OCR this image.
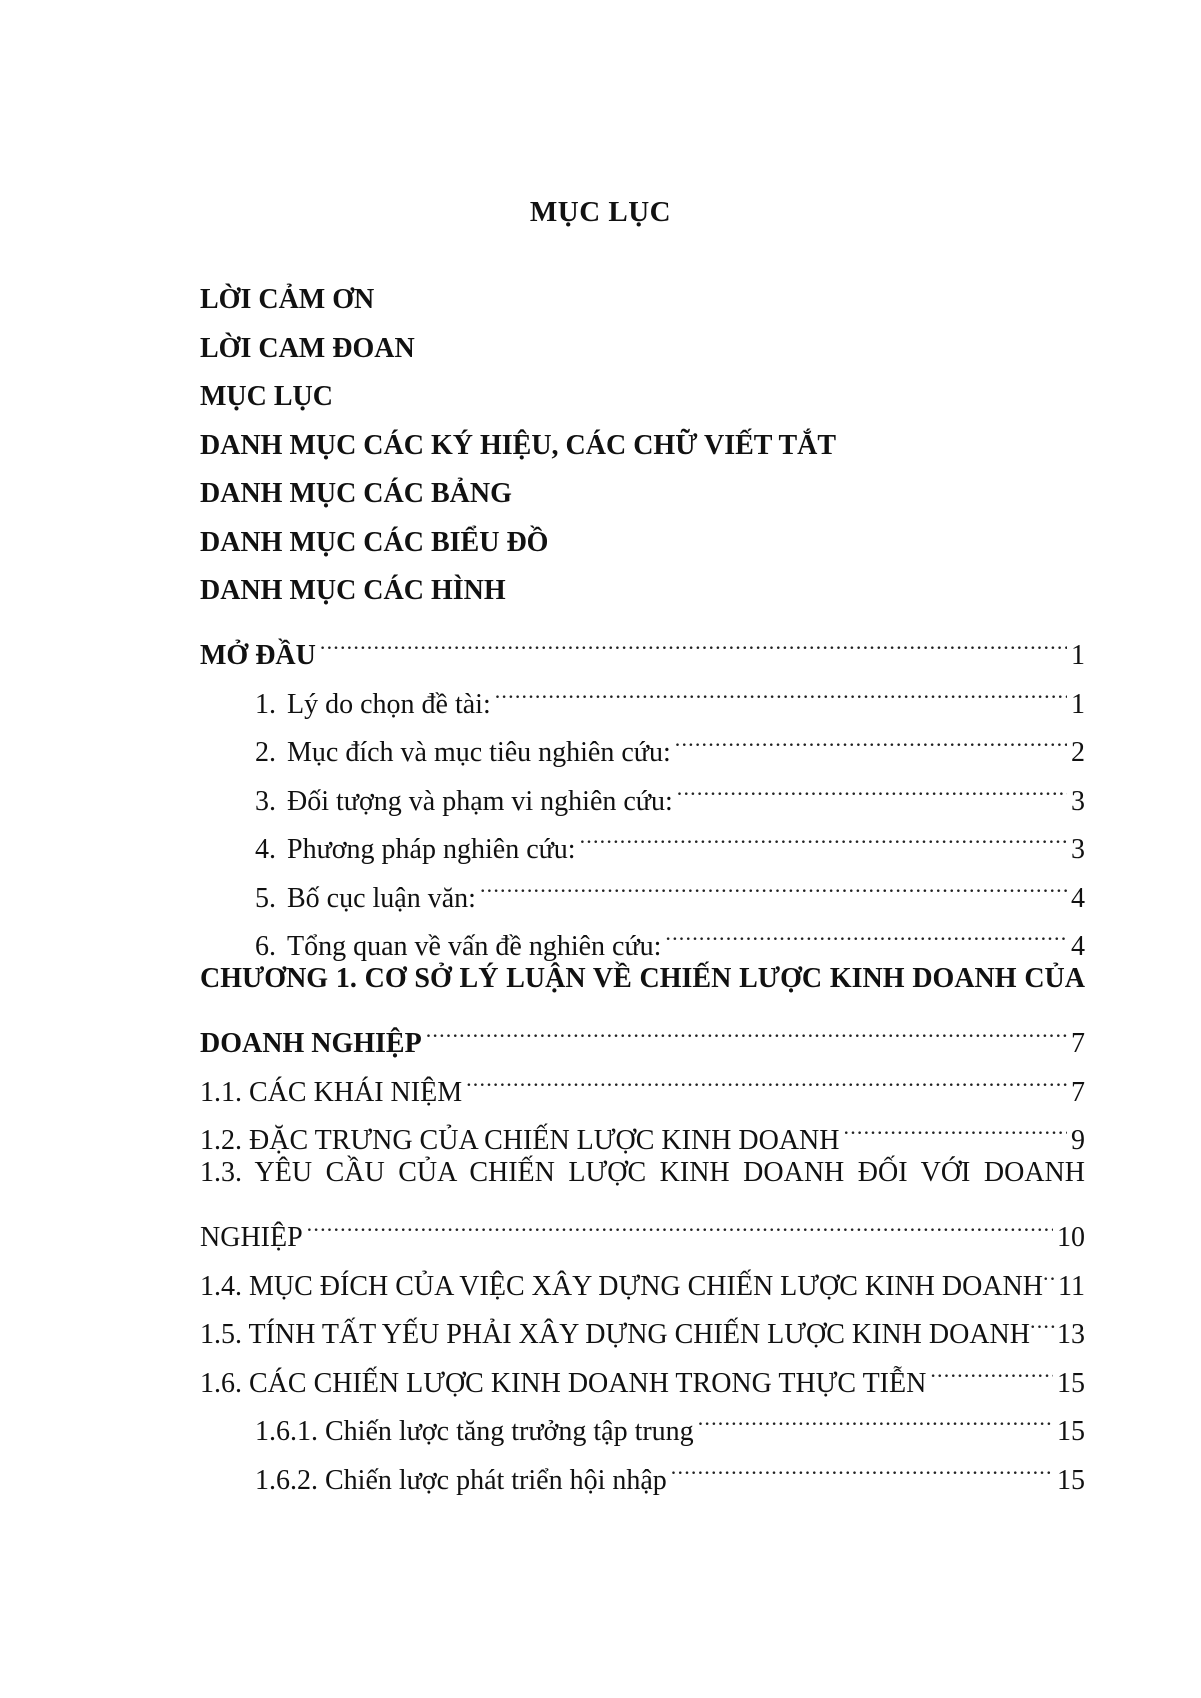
MỤC LỤC
LỜI CẢM ƠN
LỜI CAM ĐOAN
MỤC LỤC
DANH MỤC CÁC KÝ HIỆU, CÁC CHỮ VIẾT TẮT
DANH MỤC CÁC BẢNG
DANH MỤC CÁC BIỂU ĐỒ
DANH MỤC CÁC HÌNH
MỞ ĐẦU .....	1
1. Lý do chọn đề tài: .....	1
2. Mục đích và mục tiêu nghiên cứu: .....	2
3. Đối tượng và phạm vi nghiên cứu: .....	3
4. Phương pháp nghiên cứu: .....	3
5. Bố cục luận văn: .....	4
6. Tổng quan về vấn đề nghiên cứu: .....	4
CHƯƠNG 1. CƠ SỞ LÝ LUẬN VỀ CHIẾN LƯỢC KINH DOANH CỦA
DOANH NGHIỆP .....	7
1.1. CÁC KHÁI NIỆM .....	7
1.2. ĐẶC TRƯNG CỦA CHIẾN LƯỢC KINH DOANH .....	9
1.3. YÊU CẦU CỦA CHIẾN LƯỢC KINH DOANH ĐỐI VỚI DOANH
NGHIỆP .....	10
1.4. MỤC ĐÍCH CỦA VIỆC XÂY DỰNG CHIẾN LƯỢC KINH DOANH ..... 11
1.5. TÍNH TẤT YẾU PHẢI XÂY DỰNG CHIẾN LƯỢC KINH DOANH ..... 13
1.6. CÁC CHIẾN LƯỢC KINH DOANH TRONG THỰC TIỄN .....	15
1.6.1. Chiến lược tăng trưởng tập trung .....	15
1.6.2. Chiến lược phát triển hội nhập .....	15
